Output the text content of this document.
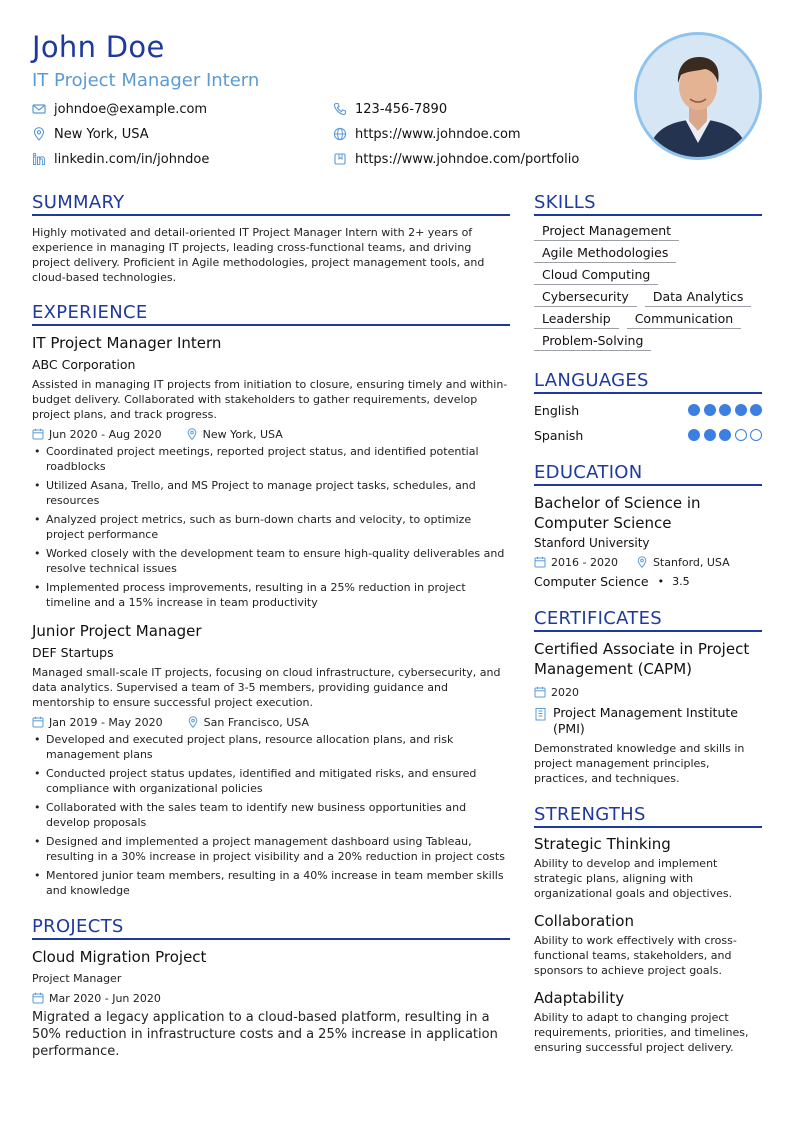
John Doe
IT Project Manager Intern
johndoe@example.com	123-456-7890
New York, USA	https://www.johndoe.com
linkedin.com/in/johndoe	https://www.johndoe.com/portfolio
SUMMARY
Highly motivated and detail-oriented IT Project Manager Intern with 2+ years of experience in managing IT projects, leading cross-functional teams, and driving project delivery. Proficient in Agile methodologies, project management tools, and cloud-based technologies.
EXPERIENCE
IT Project Manager Intern
ABC Corporation
Assisted in managing IT projects from initiation to closure, ensuring timely and within-budget delivery. Collaborated with stakeholders to gather requirements, develop project plans, and track progress.
Jun 2020 - Aug 2020	New York, USA
• Coordinated project meetings, reported project status, and identified potential roadblocks
• Utilized Asana, Trello, and MS Project to manage project tasks, schedules, and resources
• Analyzed project metrics, such as burn-down charts and velocity, to optimize project performance
• Worked closely with the development team to ensure high-quality deliverables and resolve technical issues
• Implemented process improvements, resulting in a 25% reduction in project timeline and a 15% increase in team productivity
Junior Project Manager
DEF Startups
Managed small-scale IT projects, focusing on cloud infrastructure, cybersecurity, and data analytics. Supervised a team of 3-5 members, providing guidance and mentorship to ensure successful project execution.
Jan 2019 - May 2020	San Francisco, USA
• Developed and executed project plans, resource allocation plans, and risk management plans
• Conducted project status updates, identified and mitigated risks, and ensured compliance with organizational policies
• Collaborated with the sales team to identify new business opportunities and develop proposals
• Designed and implemented a project management dashboard using Tableau, resulting in a 30% increase in project visibility and a 20% reduction in project costs
• Mentored junior team members, resulting in a 40% increase in team member skills and knowledge
PROJECTS
Cloud Migration Project
Project Manager
Mar 2020 - Jun 2020
Migrated a legacy application to a cloud-based platform, resulting in a 50% reduction in infrastructure costs and a 25% increase in application performance.
SKILLS
Project Management
Agile Methodologies
Cloud Computing
Cybersecurity	Data Analytics
Leadership	Communication
Problem-Solving
LANGUAGES
English
Spanish
EDUCATION
Bachelor of Science in Computer Science
Stanford University
2016 - 2020	Stanford, USA
Computer Science • 3.5
CERTIFICATES
Certified Associate in Project Management (CAPM)
2020
Project Management Institute (PMI)
Demonstrated knowledge and skills in project management principles, practices, and techniques.
STRENGTHS
Strategic Thinking
Ability to develop and implement strategic plans, aligning with organizational goals and objectives.
Collaboration
Ability to work effectively with cross-functional teams, stakeholders, and sponsors to achieve project goals.
Adaptability
Ability to adapt to changing project requirements, priorities, and timelines, ensuring successful project delivery.
